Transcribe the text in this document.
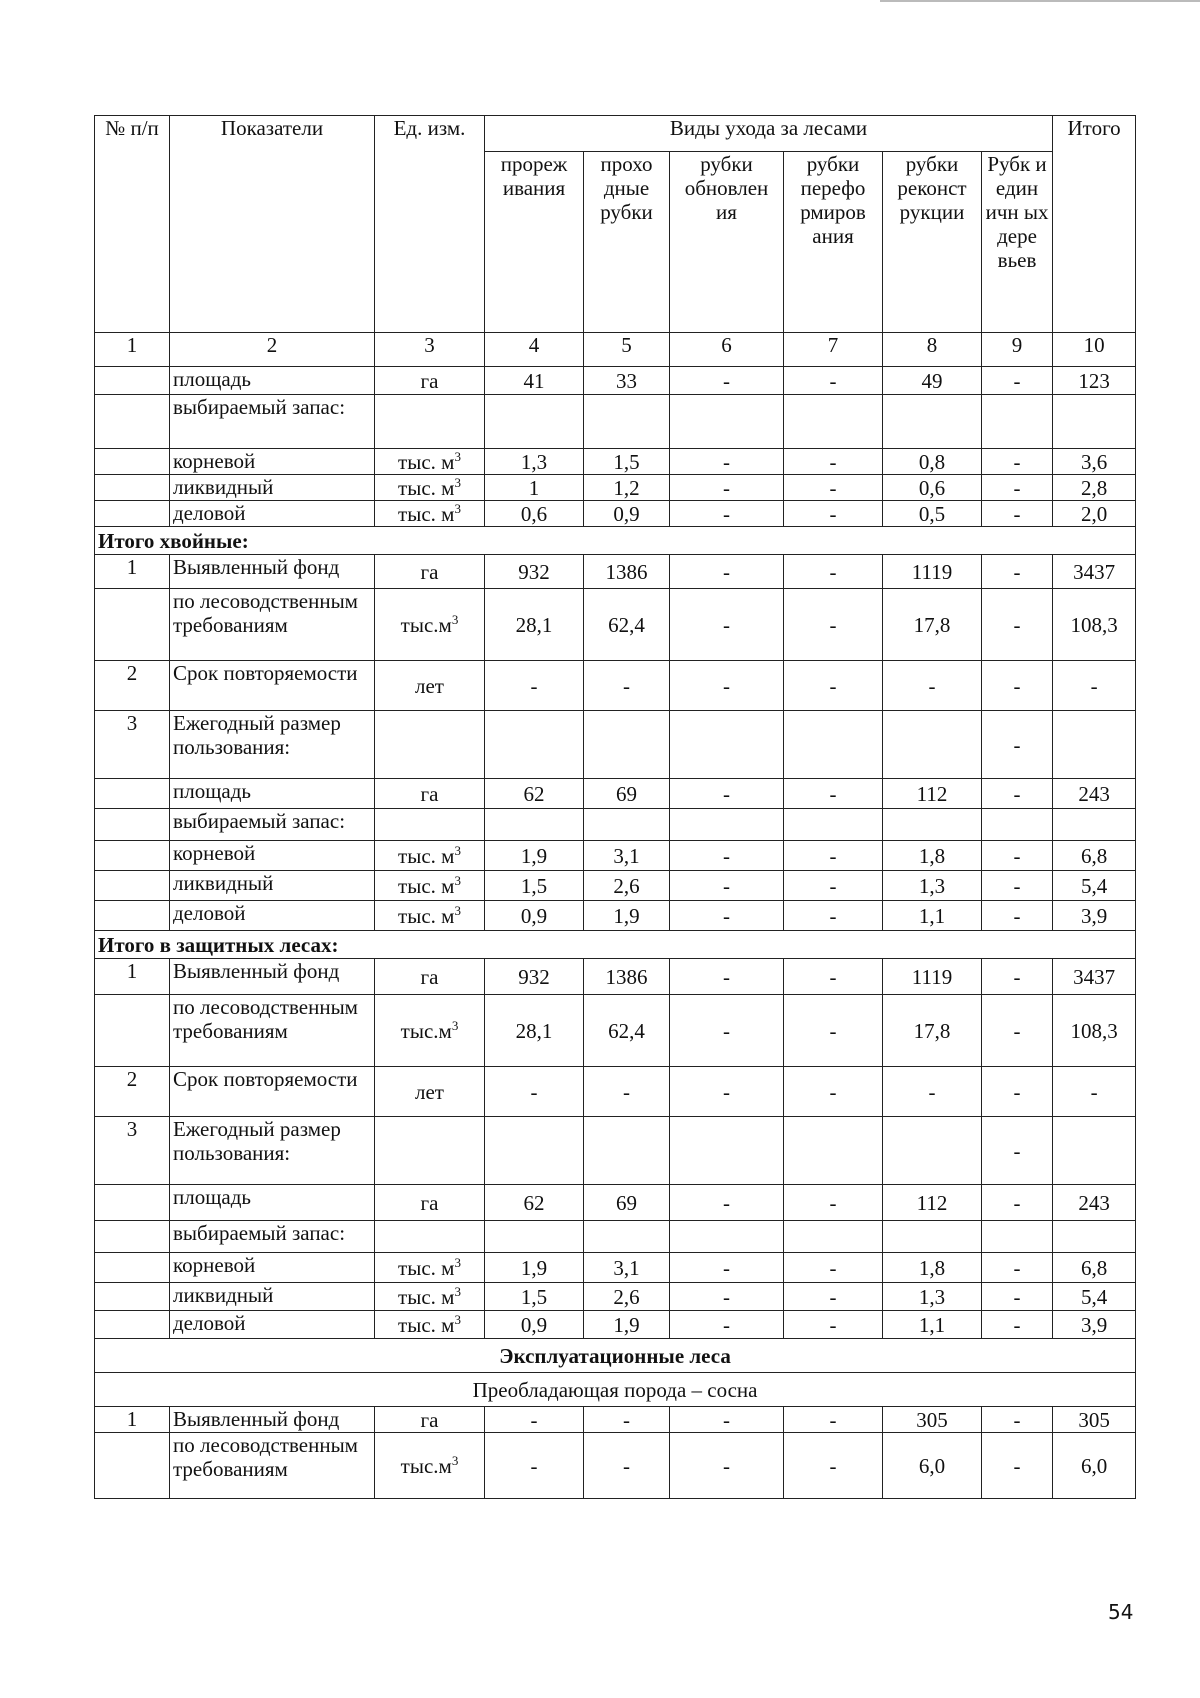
№ п/п	Показатели	Ед. изм.	Виды ухода за лесами						Итого
			прореж ивания	прохо дные рубки	рубки обновлен ия	рубки перефо рмиров ания	рубки реконст рукции	Рубк и един ичн ых дере вьев	
1	2	3	4	5	6	7	8	9	10
	площадь	га	41	33	-	-	49	-	123
	выбираемый запас:								
	корневой	тыс. $м^3$	1,3	1,5	-	-	0,8	-	3,6
	ликвидный	тыс. $м^3$	1	1,2	-	-	0,6	-	2,8
	деловой	тыс. $м^3$	0,6	0,9	-	-	0,5	-	2,0
Итого хвойные:									
1	Выявленный фонд	га	932	1386	-	-	1119	-	3437
	по лесоводственным требованиям	$тыс.м^3$	28,1	62,4	-	-	17,8	-	108,3
2	Срок повторяемости	лет	-	-	-	-	-	-	-
3	Ежегодный размер пользования:							-	
	площадь	га	62	69	-	-	112	-	243
	выбираемый запас:								
	корневой	тыс. $м^3$	1,9	3,1	-	-	1,8	-	6,8
	ликвидный	тыс. $м^3$	1,5	2,6	-	-	1,3	-	5,4
	деловой	тыс. $м^3$	0,9	1,9	-	-	1,1	-	3,9
Итого в защитных лесах:									
1	Выявленный фонд	га	932	1386	-	-	1119	-	3437
	по лесоводственным требованиям	$тыс.м^3$	28,1	62,4	-	-	17,8	-	108,3
2	Срок повторяемости	лет	-	-	-	-	-	-	-
3	Ежегодный размер пользования:							-	
	площадь	га	62	69	-	-	112	-	243
	выбираемый запас:								
	корневой	тыс. $м^3$	1,9	3,1	-	-	1,8	-	6,8
	ликвидный	тыс. $м^3$	1,5	2,6	-	-	1,3	-	5,4
	деловой	тыс. $м^3$	0,9	1,9	-	-	1,1	-	3,9
Эксплуатационные леса									
Преобладающая порода – сосна									
1	Выявленный фонд	га	-	-	-	-	305	-	305
	по лесоводственным требованиям	$тыс.м^3$	-	-	-	-	6,0	-	6,0
54
